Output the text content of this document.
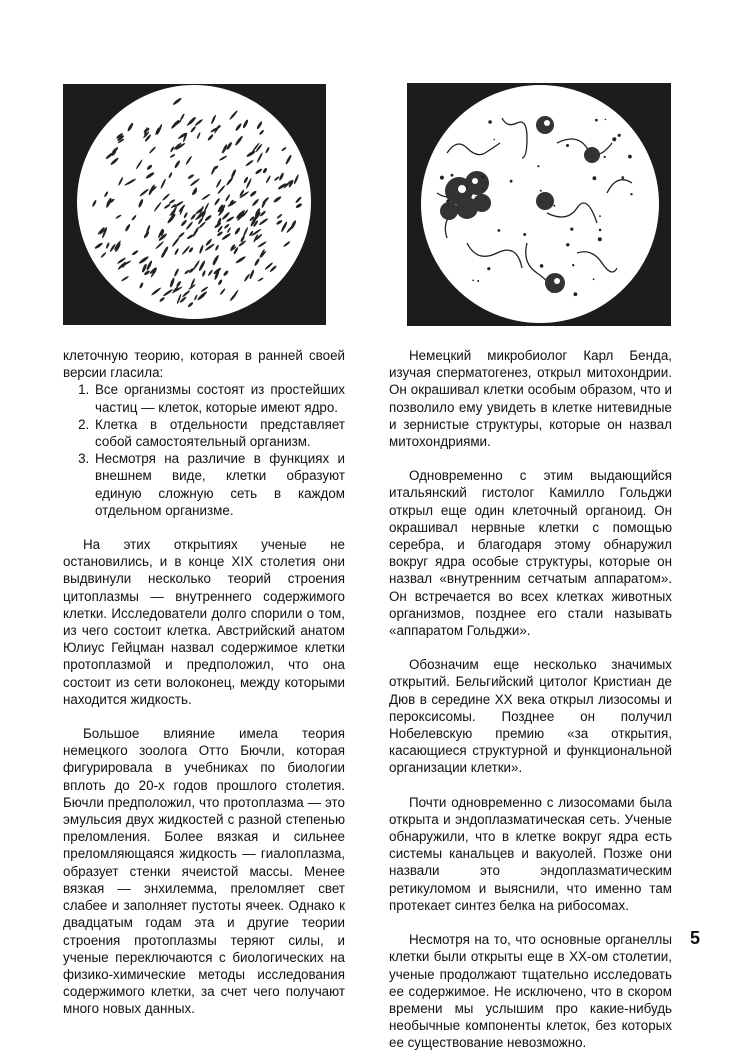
клеточную теорию, которая в ранней своей версии гласила:

1. Все организмы состоят из простейших частиц — клеток, которые имеют ядро.
2. Клетка в отдельности представляет собой самостоятельный организм.
3. Несмотря на различие в функциях и внешнем виде, клетки образуют единую сложную сеть в каждом отдельном организме.

На этих открытиях ученые не остановились, и в конце XIX столетия они выдвинули несколько теорий строения цитоплазмы — внутреннего содержимого клетки. Исследователи долго спорили о том, из чего состоит клетка. Австрийский анатом Юлиус Гейцман назвал содержимое клетки протоплазмой и предположил, что она состоит из сети волоконец, между которыми находится жидкость.

Большое влияние имела теория немецкого зоолога Отто Бючли, которая фигурировала в учебниках по биологии вплоть до 20-х годов прошлого столетия. Бючли предположил, что протоплазма — это эмульсия двух жидкостей с разной степенью преломления. Более вязкая и сильнее преломляющаяся жидкость — гиалоплазма, образует стенки ячеистой массы. Менее вязкая — энхилемма, преломляет свет слабее и заполняет пустоты ячеек. Однако к двадцатым годам эта и другие теории строения протоплазмы теряют силы, и ученые переключаются с биологических на физико-химические методы исследования содержимого клетки, за счет чего получают много новых данных.

Немецкий микробиолог Карл Бенда, изучая сперматогенез, открыл митохондрии. Он окрашивал клетки особым образом, что и позволило ему увидеть в клетке нитевидные и зернистые структуры, которые он назвал митохондриями.

Одновременно с этим выдающийся итальянский гистолог Камилло Гольджи открыл еще один клеточный органоид. Он окрашивал нервные клетки с помощью серебра, и благодаря этому обнаружил вокруг ядра особые структуры, которые он назвал «внутренним сетчатым аппаратом». Он встречается во всех клетках животных организмов, позднее его стали называть «аппаратом Гольджи».

Обозначим еще несколько значимых открытий. Бельгийский цитолог Кристиан де Дюв в середине XX века открыл лизосомы и пероксисомы. Позднее он получил Нобелевскую премию «за открытия, касающиеся структурной и функциональной организации клетки».

Почти одновременно с лизосомами была открыта и эндоплазматическая сеть. Ученые обнаружили, что в клетке вокруг ядра есть системы канальцев и вакуолей. Позже они назвали это эндоплазматическим ретикуломом и выяснили, что именно там протекает синтез белка на рибосомах.

Несмотря на то, что основные органеллы клетки были открыты еще в XX-ом столетии, ученые продолжают тщательно исследовать ее содержимое. Не исключено, что в скором времени мы услышим про какие-нибудь необычные компоненты клеток, без которых ее существование невозможно.

5
